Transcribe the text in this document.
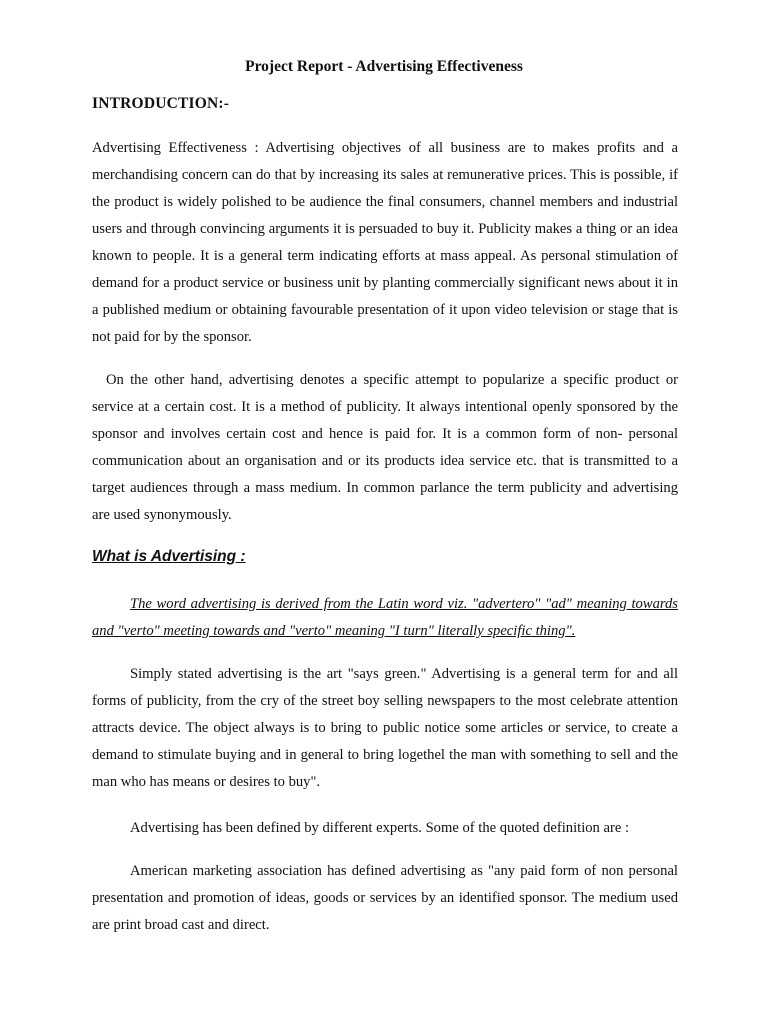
Project Report - Advertising Effectiveness
INTRODUCTION:-

Advertising Effectiveness : Advertising objectives of all business are to makes profits and a merchandising concern can do that by increasing its sales at remunerative prices. This is possible, if the product is widely polished to be audience the final consumers, channel members and industrial users and through convincing arguments it is persuaded to buy it. Publicity makes a thing or an idea known to people. It is a general term indicating efforts at mass appeal. As personal stimulation of demand for a product service or business unit by planting commercially significant news about it in a published medium or obtaining favourable presentation of it upon video television or stage that is not paid for by the sponsor.

On the other hand, advertising denotes a specific attempt to popularize a specific product or service at a certain cost. It is a method of publicity. It always intentional openly sponsored by the sponsor and involves certain cost and hence is paid for. It is a common form of non- personal communication about an organisation and or its products idea service etc. that is transmitted to a target audiences through a mass medium. In common parlance the term publicity and advertising are used synonymously.

What is Advertising :

The word advertising is derived from the Latin word viz. "advertero" "ad" meaning towards and "verto" meeting towards and "verto" meaning "I turn" literally specific thing".

Simply stated advertising is the art "says green." Advertising is a general term for and all forms of publicity, from the cry of the street boy selling newspapers to the most celebrate attention attracts device. The object always is to bring to public notice some articles or service, to create a demand to stimulate buying and in general to bring logethel the man with something to sell and the man who has means or desires to buy".

Advertising has been defined by different experts. Some of the quoted definition are :

American marketing association has defined advertising as "any paid form of non personal presentation and promotion of ideas, goods or services by an identified sponsor. The medium used are print broad cast and direct.
